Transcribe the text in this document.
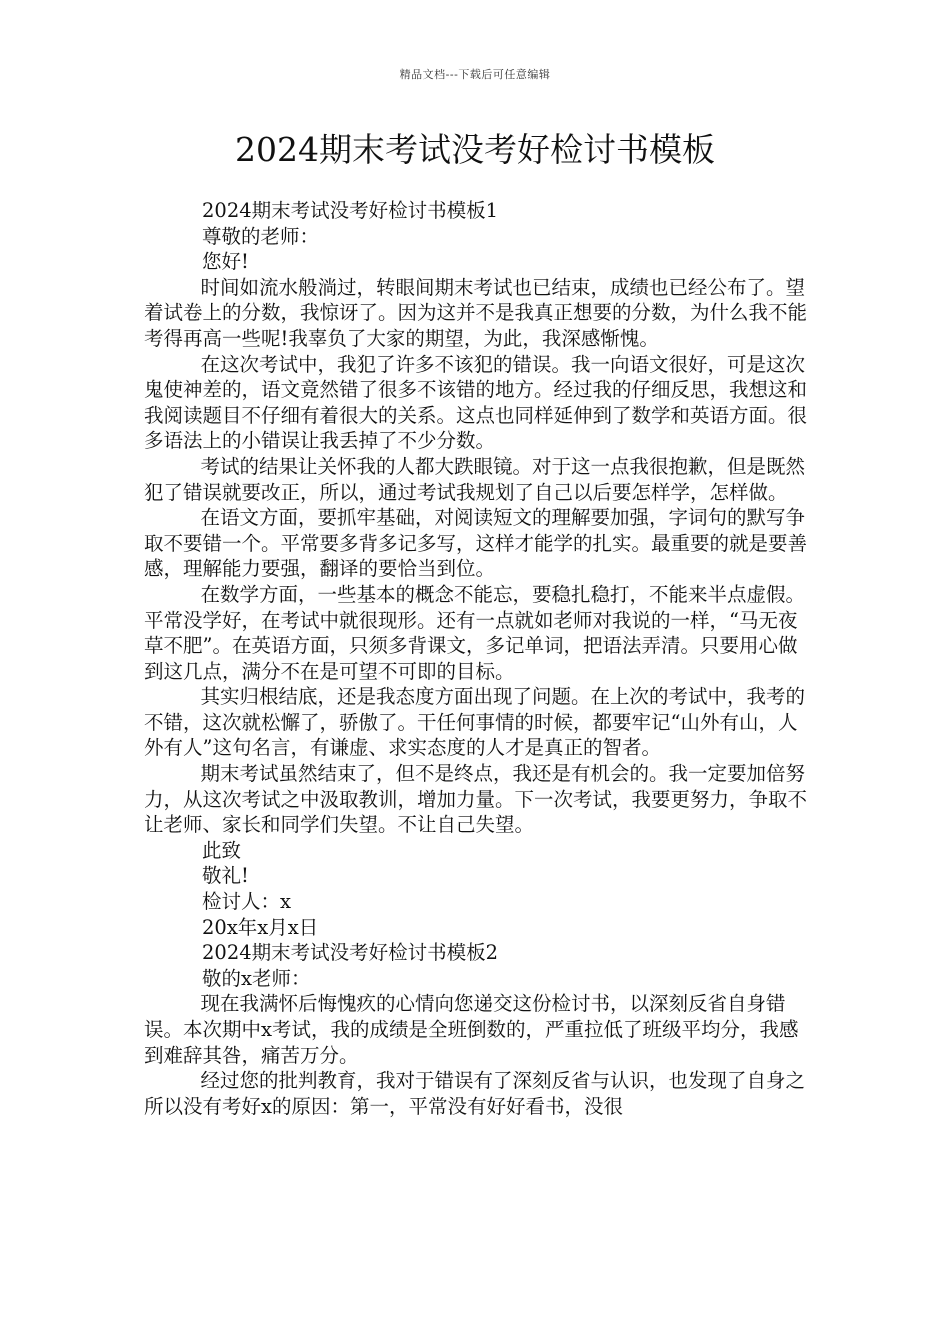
精品文档---下载后可任意编辑
2024期末考试没考好检讨书模板

2024期末考试没考好检讨书模板1

尊敬的老师：

您好!

时间如流水般淌过，转眼间期末考试也已结束，成绩也已经公布了。望着试卷上的分数，我惊讶了。因为这并不是我真正想要的分数，为什么我不能考得再高一些呢!我辜负了大家的期望，为此，我深感惭愧。

在这次考试中，我犯了许多不该犯的错误。我一向语文很好，可是这次鬼使神差的，语文竟然错了很多不该错的地方。经过我的仔细反思，我想这和我阅读题目不仔细有着很大的关系。这点也同样延伸到了数学和英语方面。很多语法上的小错误让我丢掉了不少分数。

考试的结果让关怀我的人都大跌眼镜。对于这一点我很抱歉，但是既然犯了错误就要改正，所以，通过考试我规划了自己以后要怎样学，怎样做。

在语文方面，要抓牢基础，对阅读短文的理解要加强，字词句的默写争取不要错一个。平常要多背多记多写，这样才能学的扎实。最重要的就是要善感，理解能力要强，翻译的要恰当到位。

在数学方面，一些基本的概念不能忘，要稳扎稳打，不能来半点虚假。平常没学好，在考试中就很现形。还有一点就如老师对我说的一样，“马无夜草不肥”。在英语方面，只须多背课文，多记单词，把语法弄清。只要用心做到这几点，满分不在是可望不可即的目标。

其实归根结底，还是我态度方面出现了问题。在上次的考试中，我考的不错，这次就松懈了，骄傲了。干任何事情的时候，都要牢记“山外有山，人外有人”这句名言，有谦虚、求实态度的人才是真正的智者。

期末考试虽然结束了，但不是终点，我还是有机会的。我一定要加倍努力，从这次考试之中汲取教训，增加力量。下一次考试，我要更努力，争取不让老师、家长和同学们失望。不让自己失望。

此致

敬礼!

检讨人：x

20x年x月x日

2024期末考试没考好检讨书模板2

敬的x老师：

现在我满怀后悔愧疚的心情向您递交这份检讨书，以深刻反省自身错误。本次期中x考试，我的成绩是全班倒数的，严重拉低了班级平均分，我感到难辞其咎，痛苦万分。

经过您的批判教育，我对于错误有了深刻反省与认识，也发现了自身之所以没有考好x的原因：第一，平常没有好好看书，没很
